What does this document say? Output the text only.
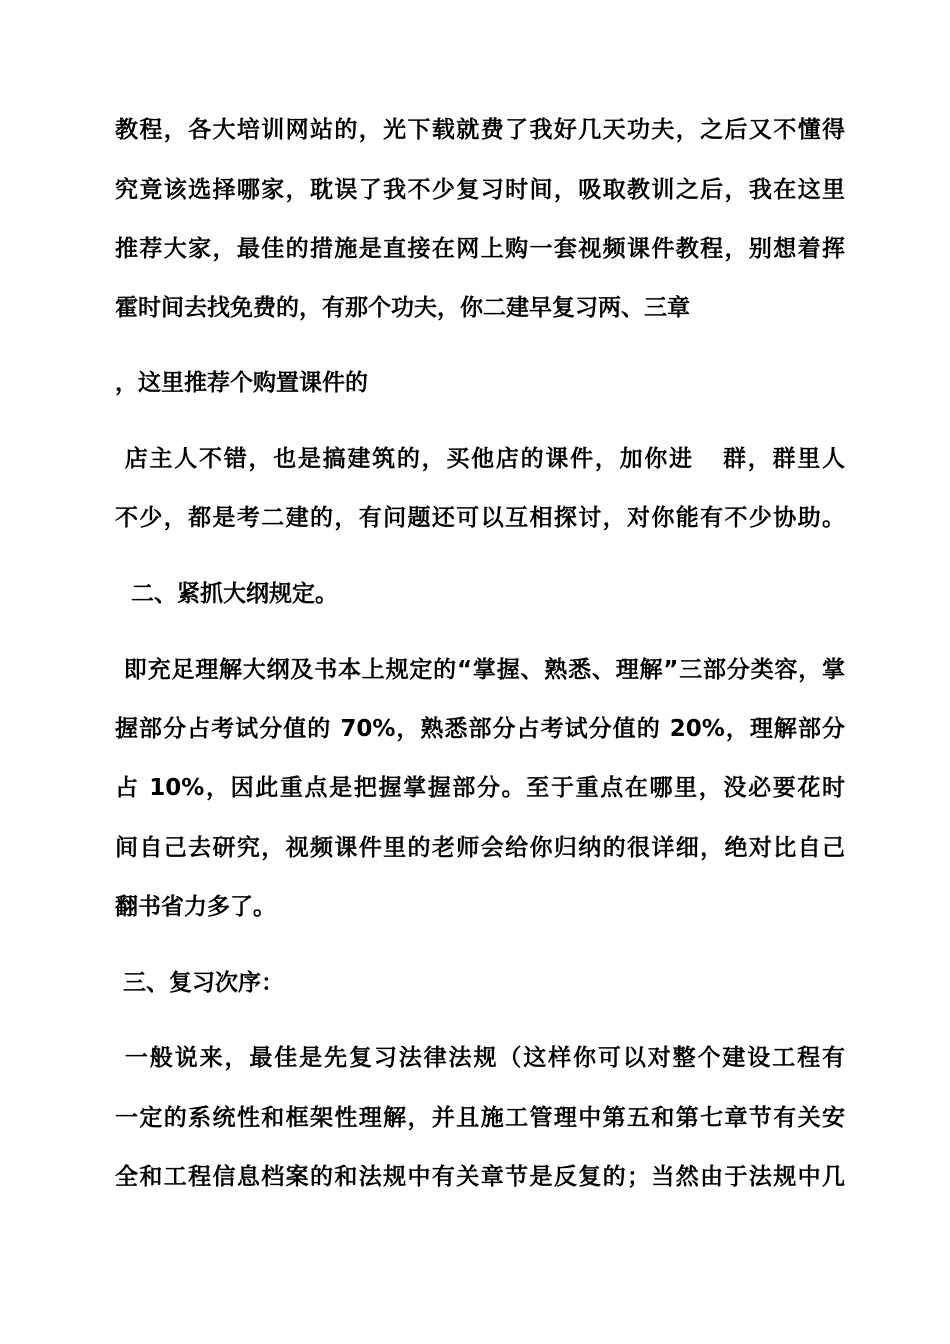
教程，各大培训网站的，光下载就费了我好几天功夫，之后又不懂得
究竟该选择哪家，耽误了我不少复习时间，吸取教训之后，我在这里
推荐大家，最佳的措施是直接在网上购一套视频课件教程，别想着挥
霍时间去找免费的，有那个功夫，你二建早复习两、三章
，这里推荐个购置课件的
店主人不错，也是搞建筑的，买他店的课件，加你进   群，群里人
不少，都是考二建的，有问题还可以互相探讨，对你能有不少协助。
二、紧抓大纲规定。
即充足理解大纲及书本上规定的“掌握、熟悉、理解”三部分类容，掌
握部分占考试分值的 70%，熟悉部分占考试分值的 20%，理解部分
占 10%，因此重点是把握掌握部分。至于重点在哪里，没必要花时
间自己去研究，视频课件里的老师会给你归纳的很详细，绝对比自己
翻书省力多了。
三、复习次序：
一般说来，最佳是先复习法律法规（这样你可以对整个建设工程有
一定的系统性和框架性理解，并且施工管理中第五和第七章节有关安
全和工程信息档案的和法规中有关章节是反复的；当然由于法规中几
